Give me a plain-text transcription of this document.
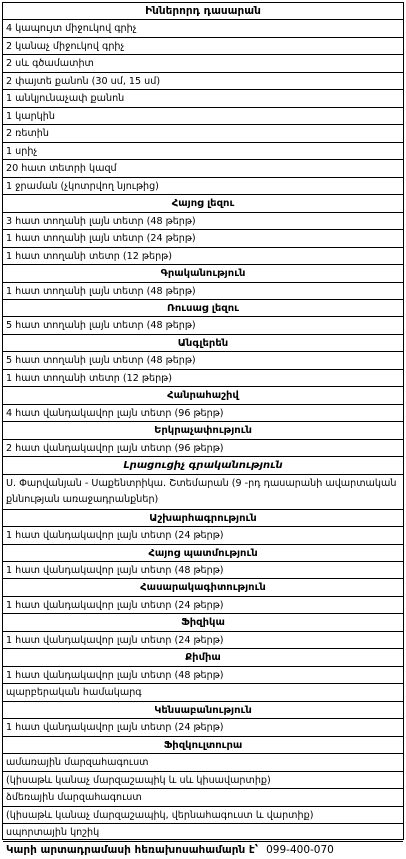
Իններորդ դասարան
4 կապույտ միջուկով գրիչ
2 կանաչ միջուկով գրիչ
2 սև գծամատիտ
2 փայտե քանոն (30 սմ, 15 սմ)
1 անկյունաչափ քանոն
1 կարկին
2 ռետին
1 սրիչ
20 հատ տետրի կազմ
1 ջրաման (չկոտրվող նյութից)
Հայոց լեզու
3 հատ տողանի լայն տետր (48 թերթ)
1 հատ տողանի լայն տետր (24 թերթ)
1 հատ տողանի տետր (12 թերթ)
Գրականություն
1 հատ տողանի լայն տետր (48 թերթ)
Ռուսաց լեզու
5 հատ տողանի լայն տետր (48 թերթ)
Անգլերեն
5 հատ տողանի լայն տետր (48 թերթ)
1 հատ տողանի տետր (12 թերթ)
Հանրահաշիվ
4 հատ վանդակավոր լայն տետր (96 թերթ)
Երկրաչափություն
2 հատ վանդակավոր լայն տետր (96 թերթ)
Լրացուցիչ գրականություն
Ս. Փարվանյան - Սաքենտրիկա. Շտեմարան (9 -րդ դասարանի ավարտական քննության առաջադրանքներ)
Աշխարհագրություն
1 հատ վանդակավոր լայն տետր (24 թերթ)
Հայոց պատմություն
1 հատ վանդակավոր լայն տետր (48 թերթ)
Հասարակագիտություն
1 հատ վանդակավոր լայն տետր (24 թերթ)
Ֆիզիկա
1 հատ վանդակավոր լայն տետր (24 թերթ)
Քիմիա
1 հատ վանդակավոր լայն տետր (48 թերթ)
պարբերական համակարգ
Կենսաբանություն
1 հատ վանդակավոր լայն տետր (24 թերթ)
Ֆիզկուլտուրա
ամառային մարզահագուստ
(կիսաթև կանաչ մարզաշապիկ և սև կիսավարտիք)
ձմեռային մարզահագուստ
(կիսաթև կանաչ մարզաշապիկ, վերնահագուստ և վարտիք)
սպորտային կոշիկ
Կարի արտադրամասի հեռախոսահամարն է՝ 099-400-070
